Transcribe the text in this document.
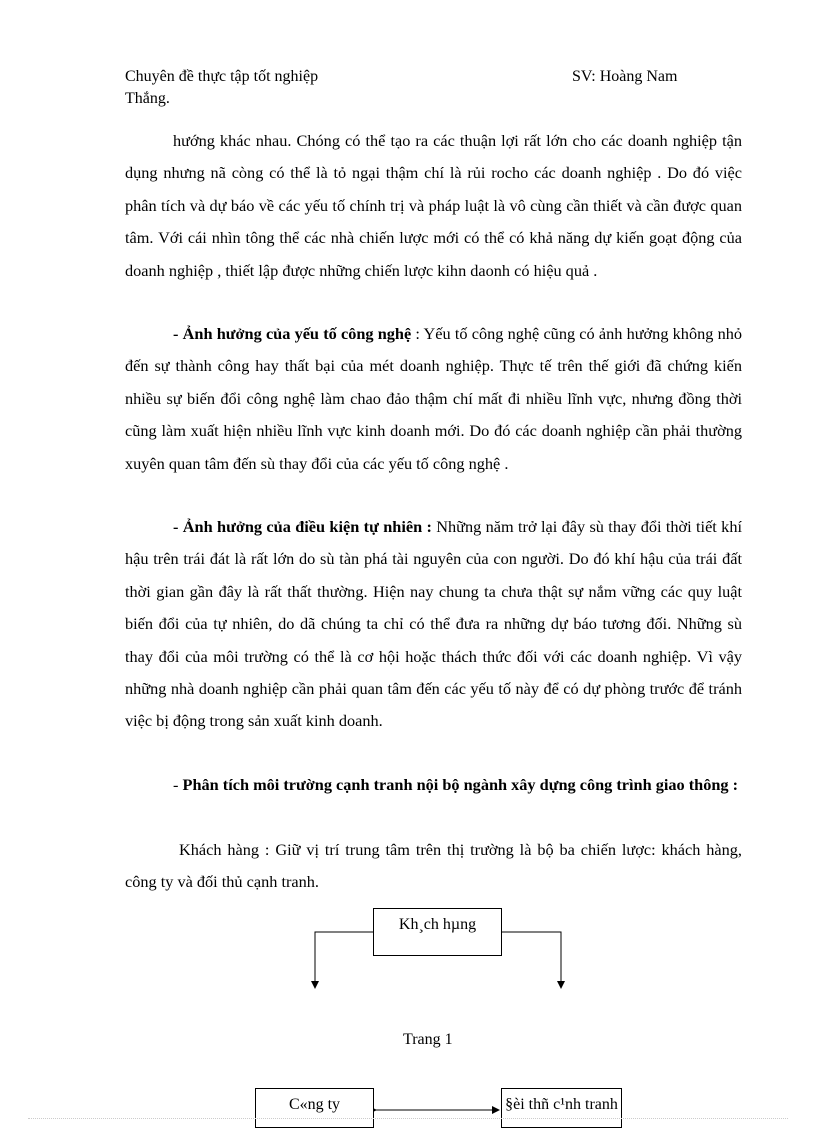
Chuyên đề thực tập tốt nghiệp	SV: Hoàng Nam
Thắng.
hướng khác nhau. Chóng có thể tạo ra các thuận lợi rất lớn cho các doanh nghiệp tận dụng nhưng nã còng có thể là tỏ ngại thậm chí là rủi rocho các doanh nghiệp . Do đó việc phân tích và dự báo về các yếu tố chính trị và pháp luật là vô cùng cần thiết và cần được quan tâm. Với cái nhìn tông thể các nhà chiến lược mới có thể có khả năng dự kiến goạt động của doanh nghiệp , thiết lập được những chiến lược kihn daonh có hiệu quả .
- Ảnh hưởng của yếu tố công nghệ : Yếu tố công nghệ cũng có ảnh hưởng không nhỏ đến sự thành công hay thất bại của mét doanh nghiệp. Thực tế trên thế giới đã chứng kiến nhiều sự biến đổi công nghệ làm chao đảo thậm chí mất đi nhiều lĩnh vực, nhưng đồng thời cũng làm xuất hiện nhiều lĩnh vực kinh doanh mới. Do đó các doanh nghiệp cần phải thường xuyên quan tâm đến sù thay đổi của các yếu tố công nghệ .
- Ảnh hưởng của điều kiện tự nhiên : Những năm trở lại đây sù thay đổi thời tiết khí hậu trên trái đát là rất lớn do sù tàn phá tài nguyên của con người. Do đó khí hậu của trái đất thời gian gần đây là rất thất thường. Hiện nay chung ta chưa thật sự nắm vững các quy luật biến đổi của tự nhiên, do dã chúng ta chỉ có thể đưa ra những dự báo tương đối. Những sù thay đổi của môi trường có thể là cơ hội hoặc thách thức đối với các doanh nghiệp. Vì vậy những nhà doanh nghiệp cần phải quan tâm đến các yếu tố này để có dự phòng trước để tránh việc bị động trong sản xuất kinh doanh.
- Phân tích môi trường cạnh tranh nội bộ ngành xây dựng công trình giao thông :
Khách hàng : Giữ vị trí trung tâm trên thị trường là bộ ba chiến lược: khách hàng, công ty và đối thủ cạnh tranh.
Kh¸ch hµng
C«ng ty	§èi thñ c¹nh tranh
Trang 1
